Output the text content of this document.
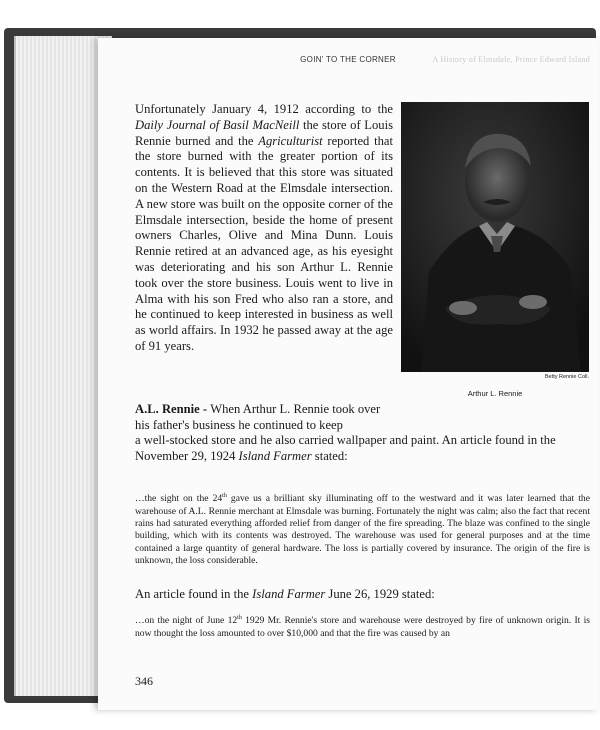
GOIN' TO THE CORNER	A History of Elmsdale, Prince Edward Island
Unfortunately January 4, 1912 according to the Daily Journal of Basil MacNeill the store of Louis Rennie burned and the Agriculturist reported that the store burned with the greater portion of its contents. It is believed that this store was situated on the Western Road at the Elmsdale intersection. A new store was built on the opposite corner of the Elmsdale intersection, beside the home of present owners Charles, Olive and Mina Dunn. Louis Rennie retired at an advanced age, as his eyesight was deteriorating and his son Arthur L. Rennie took over the store business. Louis went to live in Alma with his son Fred who also ran a store, and he continued to keep interested in business as well as world affairs. In 1932 he passed away at the age of 91 years.
Betty Rennie Coll.
Arthur L. Rennie
A.L. Rennie - When Arthur L. Rennie took over his father's business he continued to keep
a well-stocked store and he also carried wallpaper and paint. An article found in the November 29, 1924 Island Farmer stated:
…the sight on the 24th gave us a brilliant sky illuminating off to the westward and it was later learned that the warehouse of A.L. Rennie merchant at Elmsdale was burning. Fortunately the night was calm; also the fact that recent rains had saturated everything afforded relief from danger of the fire spreading. The blaze was confined to the single building, which with its contents was destroyed. The warehouse was used for general purposes and at the time contained a large quantity of general hardware. The loss is partially covered by insurance. The origin of the fire is unknown, the loss considerable.
An article found in the Island Farmer June 26, 1929 stated:
…on the night of June 12th 1929 Mr. Rennie's store and warehouse were destroyed by fire of unknown origin. It is now thought the loss amounted to over $10,000 and that the fire was caused by an
346
